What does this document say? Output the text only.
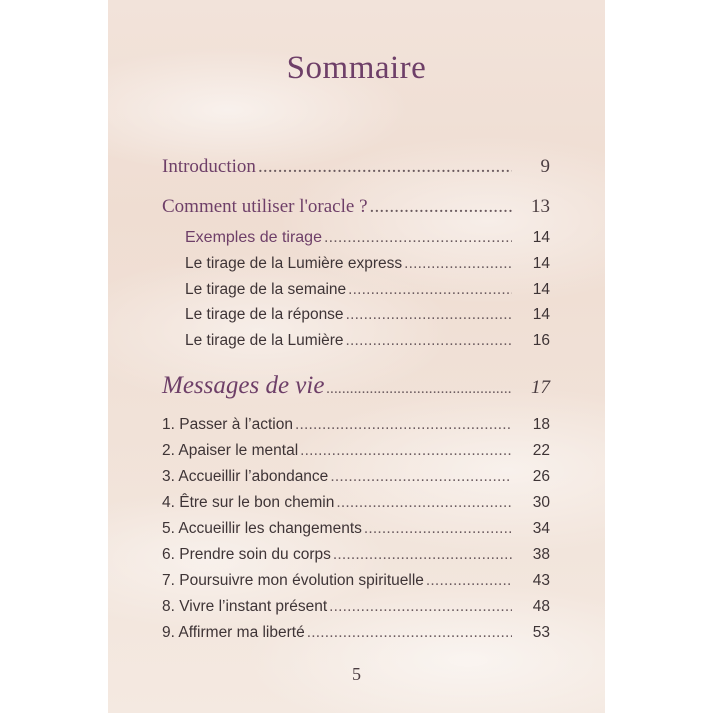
Sommaire
Introduction .....	9
Comment utiliser l'oracle ? .....	13
Exemples de tirage .....	14
Le tirage de la Lumière express .....	14
Le tirage de la semaine .....	14
Le tirage de la réponse .....	14
Le tirage de la Lumière .....	16
Messages de vie .....	17
1. Passer à l’action .....	18
2. Apaiser le mental .....	22
3. Accueillir l’abondance .....	26
4. Être sur le bon chemin .....	30
5. Accueillir les changements .....	34
6. Prendre soin du corps .....	38
7. Poursuivre mon évolution spirituelle .....	43
8. Vivre l’instant présent .....	48
9. Affirmer ma liberté .....	53
5
